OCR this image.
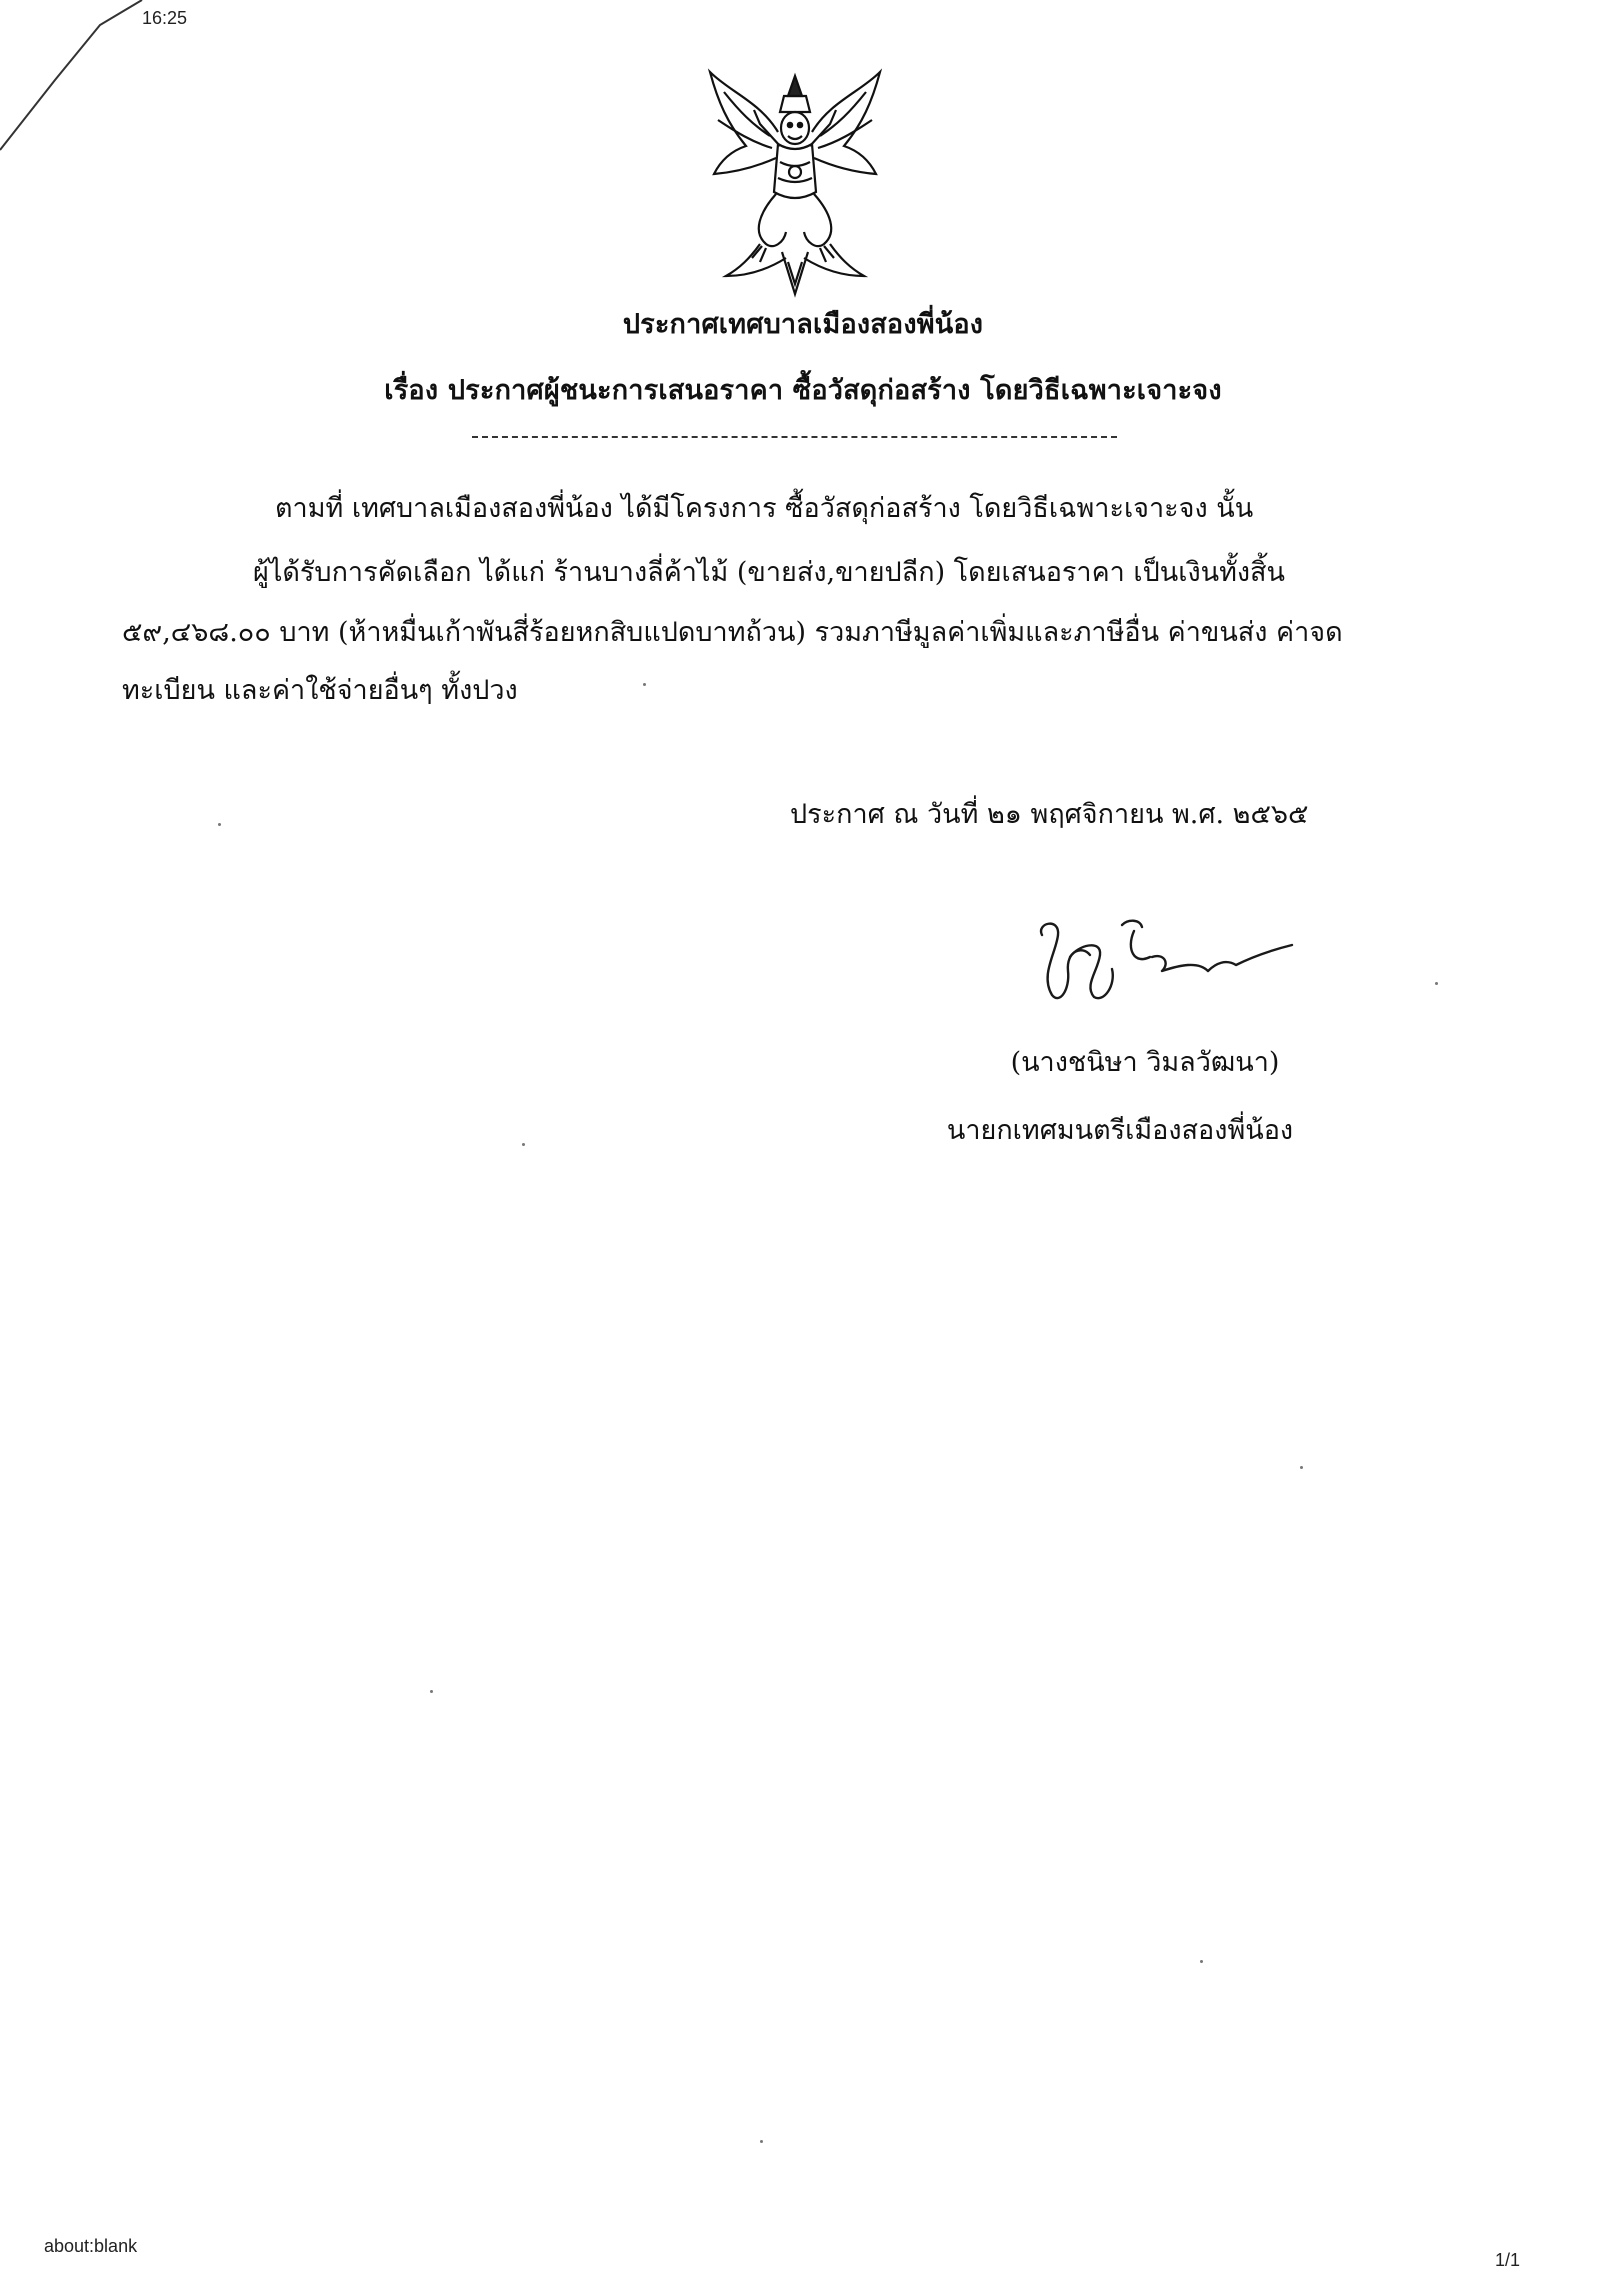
16:25
ประกาศเทศบาลเมืองสองพี่น้อง
เรื่อง ประกาศผู้ชนะการเสนอราคา ซื้อวัสดุก่อสร้าง โดยวิธีเฉพาะเจาะจง
ตามที่ เทศบาลเมืองสองพี่น้อง ได้มีโครงการ ซื้อวัสดุก่อสร้าง โดยวิธีเฉพาะเจาะจง นั้น
ผู้ได้รับการคัดเลือก ได้แก่ ร้านบางลี่ค้าไม้ (ขายส่ง,ขายปลีก) โดยเสนอราคา เป็นเงินทั้งสิ้น
๕๙,๔๖๘.๐๐ บาท (ห้าหมื่นเก้าพันสี่ร้อยหกสิบแปดบาทถ้วน) รวมภาษีมูลค่าเพิ่มและภาษีอื่น ค่าขนส่ง ค่าจด
ทะเบียน และค่าใช้จ่ายอื่นๆ ทั้งปวง
ประกาศ ณ วันที่ ๒๑ พฤศจิกายน พ.ศ. ๒๕๖๕
(นางชนิษา วิมลวัฒนา)
นายกเทศมนตรีเมืองสองพี่น้อง
about:blank
1/1
